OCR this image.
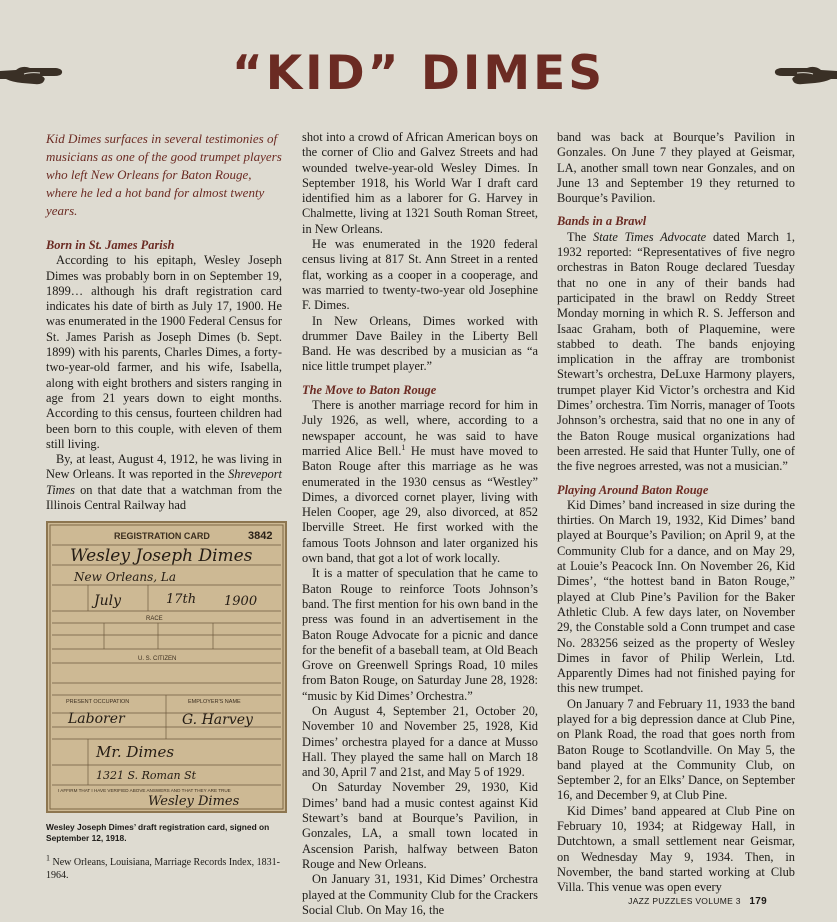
“KID” DIMES

Kid Dimes surfaces in several testimonies of musicians as one of the good trumpet players who left New Orleans for Baton Rouge, where he led a hot band for almost twenty years.

Born in St. James Parish

According to his epitaph, Wesley Joseph Dimes was probably born in on September 19, 1899… although his draft registration card indicates his date of birth as July 17, 1900. He was enumerated in the 1900 Federal Census for St. James Parish as Joseph Dimes (b. Sept. 1899) with his parents, Charles Dimes, a forty-two-year-old farmer, and his wife, Isabella, along with eight brothers and sisters ranging in age from 21 years down to eight months. According to this census, fourteen children had been born to this couple, with eleven of them still living.

By, at least, August 4, 1912, he was living in New Orleans. It was reported in the Shreveport Times on that date that a watchman from the Illinois Central Railway had

REGISTRATION CARD	3842
RACE
U. S. CITIZEN
PRESENT OCCUPATION	EMPLOYER'S NAME
Wesley Joseph Dimes
New Orleans, La
July	17th 1900
Laborer	G. Harvey
Mr. Dimes
1321 S. Roman St
Wesley Dimes
I AFFIRM THAT I HAVE VERIFIED ABOVE ANSWERS AND THAT THEY ARE TRUE
Wesley Joseph Dimes’ draft registration card, signed on September 12, 1918.
$^1$ New Orleans, Louisiana, Marriage Records Index, 1831-1964.

shot into a crowd of African American boys on the corner of Clio and Galvez Streets and had wounded twelve-year-old Wesley Dimes. In September 1918, his World War I draft card identified him as a laborer for G. Harvey in Chalmette, living at 1321 South Roman Street, in New Orleans.

He was enumerated in the 1920 federal census living at 817 St. Ann Street in a rented flat, working as a cooper in a cooperage, and was married to twenty-two-year old Josephine F. Dimes.

In New Orleans, Dimes worked with drummer Dave Bailey in the Liberty Bell Band. He was described by a musician as “a nice little trumpet player.”

The Move to Baton Rouge

There is another marriage record for him in July 1926, as well, where, according to a newspaper account, he was said to have married Alice Bell.$^1$ He must have moved to Baton Rouge after this marriage as he was enumerated in the 1930 census as “Westley” Dimes, a divorced cornet player, living with Helen Cooper, age 29, also divorced, at 852 Iberville Street. He first worked with the famous Toots Johnson and later organized his own band, that got a lot of work locally.

It is a matter of speculation that he came to Baton Rouge to reinforce Toots Johnson’s band. The first mention for his own band in the press was found in an advertisement in the Baton Rouge Advocate for a picnic and dance for the benefit of a baseball team, at Old Beach Grove on Greenwell Springs Road, 10 miles from Baton Rouge, on Saturday June 28, 1928: “music by Kid Dimes’ Orchestra.”

On August 4, September 21, October 20, November 10 and November 25, 1928, Kid Dimes’ orchestra played for a dance at Musso Hall. They played the same hall on March 18 and 30, April 7 and 21st, and May 5 of 1929.

On Saturday November 29, 1930, Kid Dimes’ band had a music contest against Kid Stewart’s band at Bourque’s Pavilion, in Gonzales, LA, a small town located in Ascension Parish, halfway between Baton Rouge and New Orleans.

On January 31, 1931, Kid Dimes’ Orchestra played at the Community Club for the Crackers Social Club. On May 16, the

band was back at Bourque’s Pavilion in Gonzales. On June 7 they played at Geismar, LA, another small town near Gonzales, and on June 13 and September 19 they returned to Bourque’s Pavilion.

Bands in a Brawl

The State Times Advocate dated March 1, 1932 reported: “Representatives of five negro orchestras in Baton Rouge declared Tuesday that no one in any of their bands had participated in the brawl on Reddy Street Monday morning in which R. S. Jefferson and Isaac Graham, both of Plaquemine, were stabbed to death. The bands enjoying implication in the affray are trombonist Stewart’s orchestra, DeLuxe Harmony players, trumpet player Kid Victor’s orchestra and Kid Dimes’ orchestra. Tim Norris, manager of Toots Johnson’s orchestra, said that no one in any of the Baton Rouge musical organizations had been arrested. He said that Hunter Tully, one of the five negroes arrested, was not a musician.”

Playing Around Baton Rouge

Kid Dimes’ band increased in size during the thirties. On March 19, 1932, Kid Dimes’ band played at Bourque’s Pavilion; on April 9, at the Community Club for a dance, and on May 29, at Louie’s Peacock Inn. On November 26, Kid Dimes’, “the hottest band in Baton Rouge,” played at Club Pine’s Pavilion for the Baker Athletic Club. A few days later, on November 29, the Constable sold a Conn trumpet and case No. 283256 seized as the property of Wesley Dimes in favor of Philip Werlein, Ltd. Apparently Dimes had not finished paying for this new trumpet.

On January 7 and February 11, 1933 the band played for a big depression dance at Club Pine, on Plank Road, the road that goes north from Baton Rouge to Scotlandville. On May 5, the band played at the Community Club, on September 2, for an Elks’ Dance, on September 16, and December 9, at Club Pine.

Kid Dimes’ band appeared at Club Pine on February 10, 1934; at Ridgeway Hall, in Dutchtown, a small settlement near Geismar, on Wednesday May 9, 1934. Then, in November, the band started working at Club Villa. This venue was open every

JAZZ PUZZLES VOLUME 3 179
